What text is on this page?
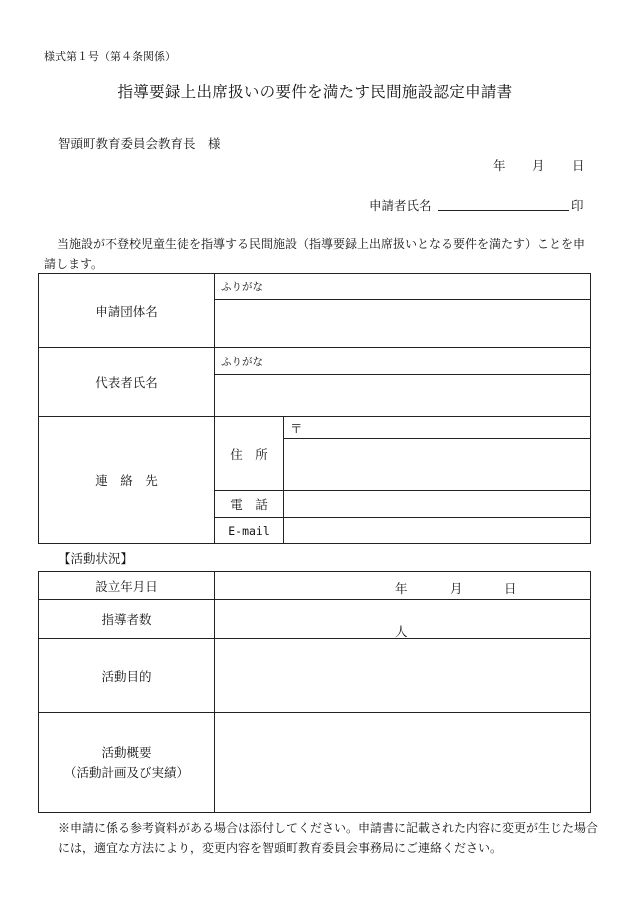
様式第１号（第４条関係）
指導要録上出席扱いの要件を満たす民間施設認定申請書
智頭町教育委員会教育長　様
年 月 日
申請者氏名	印
当施設が不登校児童生徒を指導する民間施設（指導要録上出席扱いとなる要件を満たす）ことを申請します。
申請団体名	ふりがな	

代表者氏名	ふりがな	

連　絡　先	住　所	〒

	電　話	
	E-mail	
【活動状況】
設立年月日	年 月 日

指導者数	人

活動目的	

活動概要
（活動計画及び実績）	

※申請に係る参考資料がある場合は添付してください。申請書に記載された内容に変更が生じた場合には，適宜な方法により，変更内容を智頭町教育委員会事務局にご連絡ください。
